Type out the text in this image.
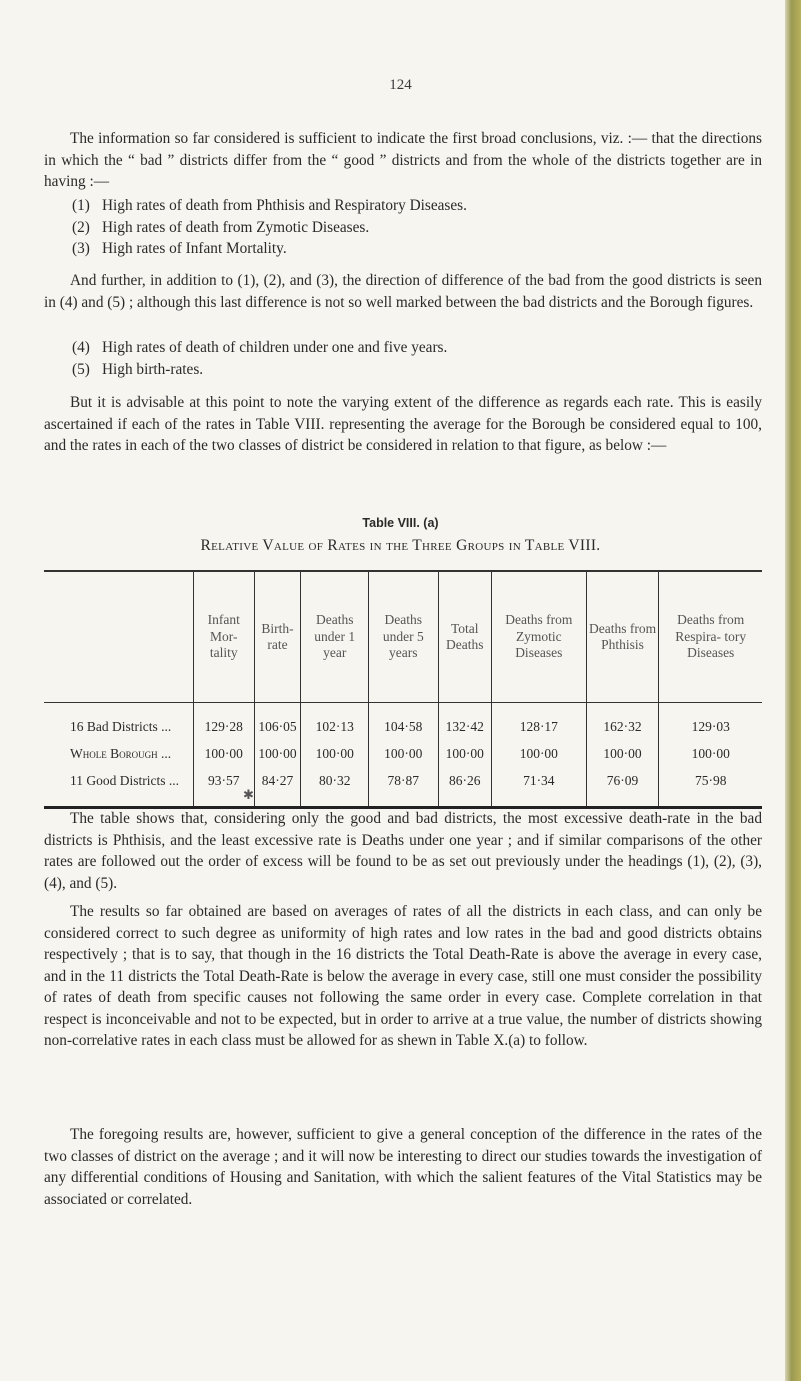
124

The information so far considered is sufficient to indicate the first broad conclusions, viz. :— that the directions in which the “ bad ” districts differ from the “ good ” districts and from the whole of the districts together are in having :—

(1) High rates of death from Phthisis and Respiratory Diseases.
(2) High rates of death from Zymotic Diseases.
(3) High rates of Infant Mortality.

And further, in addition to (1), (2), and (3), the direction of difference of the bad from the good districts is seen in (4) and (5) ; although this last difference is not so well marked between the bad districts and the Borough figures.

(4) High rates of death of children under one and five years.
(5) High birth-rates.

But it is advisable at this point to note the varying extent of the difference as regards each rate. This is easily ascertained if each of the rates in Table VIII. representing the average for the Borough be considered equal to 100, and the rates in each of the two classes of district be considered in relation to that figure, as below :—

Table VIII. (a)
Relative Value of Rates in the Three Groups in Table VIII.
	Infant Mor- tality	Birth- rate	Deaths under 1 year	Deaths under 5 years	Total Deaths	Deaths from Zymotic Diseases	Deaths from Phthisis	Deaths from Respira- tory Diseases
16 Bad Districts ...	129·28	106·05	102·13	104·58	132·42	128·17	162·32	129·03
Whole Borough ...	100·00	100·00	100·00	100·00	100·00	100·00	100·00	100·00
11 Good Districts ...	93·57	84·27	80·32	78·87	86·26	71·34	76·09	75·98
✱

The table shows that, considering only the good and bad districts, the most excessive death-rate in the bad districts is Phthisis, and the least excessive rate is Deaths under one year ; and if similar comparisons of the other rates are followed out the order of excess will be found to be as set out previously under the headings (1), (2), (3), (4), and (5).

The results so far obtained are based on averages of rates of all the districts in each class, and can only be considered correct to such degree as uniformity of high rates and low rates in the bad and good districts obtains respectively ; that is to say, that though in the 16 districts the Total Death-Rate is above the average in every case, and in the 11 districts the Total Death-Rate is below the average in every case, still one must consider the possibility of rates of death from specific causes not following the same order in every case. Complete correlation in that respect is inconceivable and not to be expected, but in order to arrive at a true value, the number of districts showing non-correlative rates in each class must be allowed for as shewn in Table X.(a) to follow.

The foregoing results are, however, sufficient to give a general conception of the difference in the rates of the two classes of district on the average ; and it will now be interesting to direct our studies towards the investigation of any differential conditions of Housing and Sanitation, with which the salient features of the Vital Statistics may be associated or correlated.
